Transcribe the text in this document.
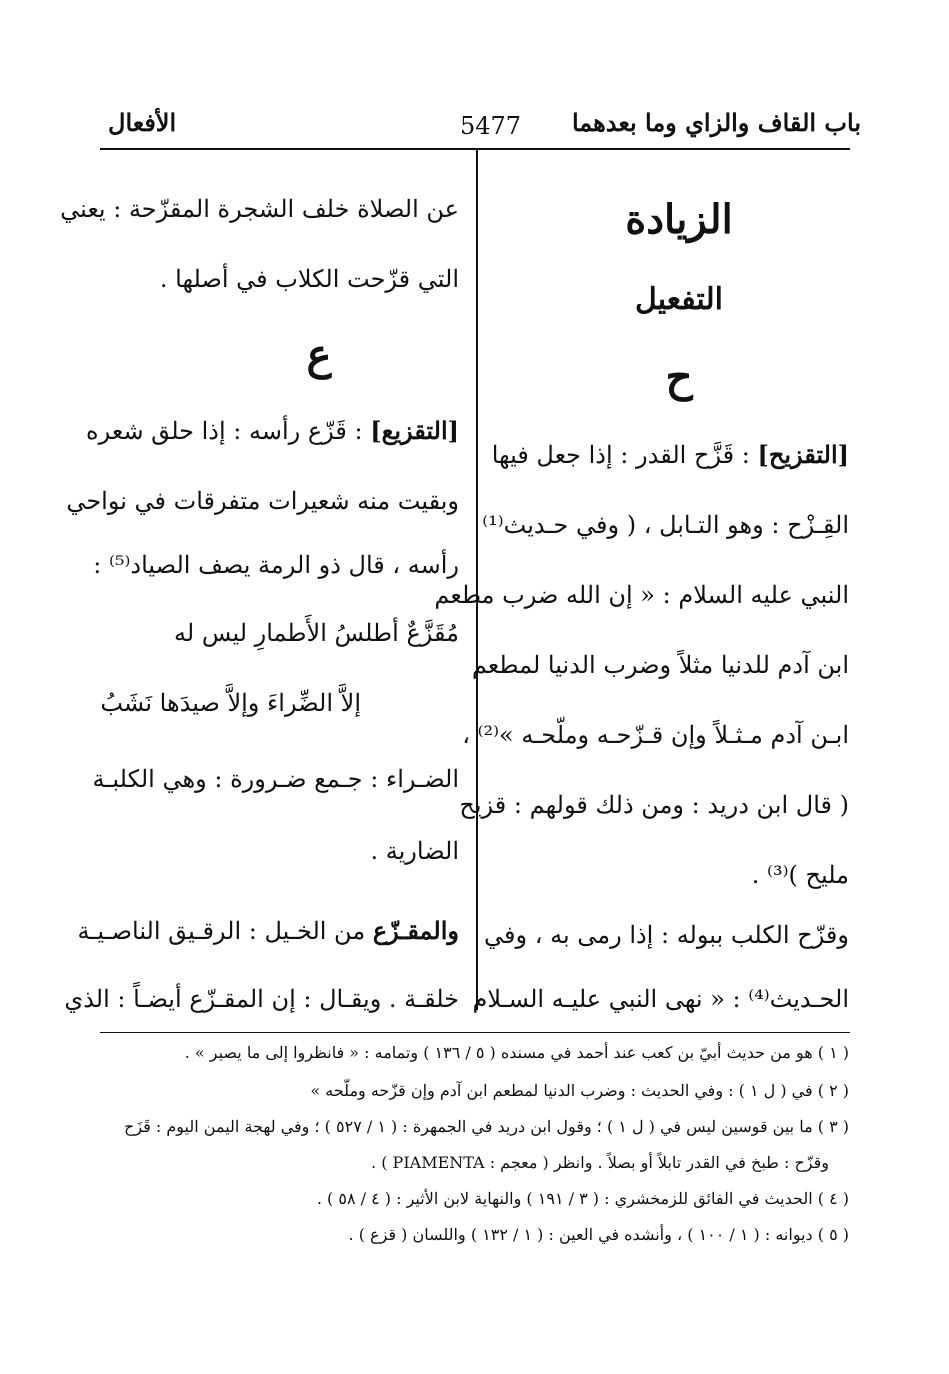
باب القاف والزاي وما بعدهما
5477
الأفعال
الزيادة
التفعيل
ح
[التقزيح] : قَزَّح القدر : إذا جعل فيها
القِـزْح : وهو التـابل ، ( وفي حـديث⁽¹⁾
النبي عليه السلام : « إن الله ضرب مطعم
ابن آدم للدنيا مثلاً وضرب الدنيا لمطعم
ابـن آدم مـثـلاً وإن قـزّحـه وملّحـه »⁽²⁾ ،
( قال ابن دريد : ومن ذلك قولهم : قزيح
مليح )⁽³⁾ .
وقزّح الكلب ببوله : إذا رمى به ، وفي
الحـديث⁽⁴⁾ : « نهى النبي عليـه السـلام
عن الصلاة خلف الشجرة المقزّحة : يعني
التي قزّحت الكلاب في أصلها .
ع
[التقزيع] : قَزّع رأسه : إذا حلق شعره
وبقيت منه شعيرات متفرقات في نواحي
رأسه ، قال ذو الرمة يصف الصياد⁽⁵⁾ :
مُقَزَّعٌ أطلسُ الأَطمارِ ليس له
إلاَّ الضِّراءَ وإلاَّ صيدَها نَشَبُ
الضـراء : جـمع ضـرورة : وهي الكلبـة
الضارية .
والمقـزّع من الخـيل : الرقـيق الناصـيـة
خلقـة . ويقـال : إن المقـزّع أيضـاً : الذي
( ١ ) هو من حديث أبيّ بن كعب عند أحمد في مسنده ( ٥ / ١٣٦ ) وتمامه : « فانظروا إلى ما يصير » .
( ٢ ) في ( ل ١ ) : وفي الحديث : وضرب الدنيا لمطعم ابن آدم وإن قزّحه وملّحه »
( ٣ ) ما بين قوسين ليس في ( ل ١ ) ؛ وقول ابن دريد في الجمهرة : ( ١ / ٥٢٧ ) ؛ وفي لهجة اليمن اليوم : قَزَح
وقزّح : طبخ في القدر تابلاً أو بصلاً . وانظر ( معجم : PIAMENTA ) .
( ٤ ) الحديث في الفائق للزمخشري : ( ٣ / ١٩١ ) والنهاية لابن الأثير : ( ٤ / ٥٨ ) .
( ٥ ) ديوانه : ( ١ / ١٠٠ ) ، وأنشده في العين : ( ١ / ١٣٢ ) واللسان ( قزع ) .
